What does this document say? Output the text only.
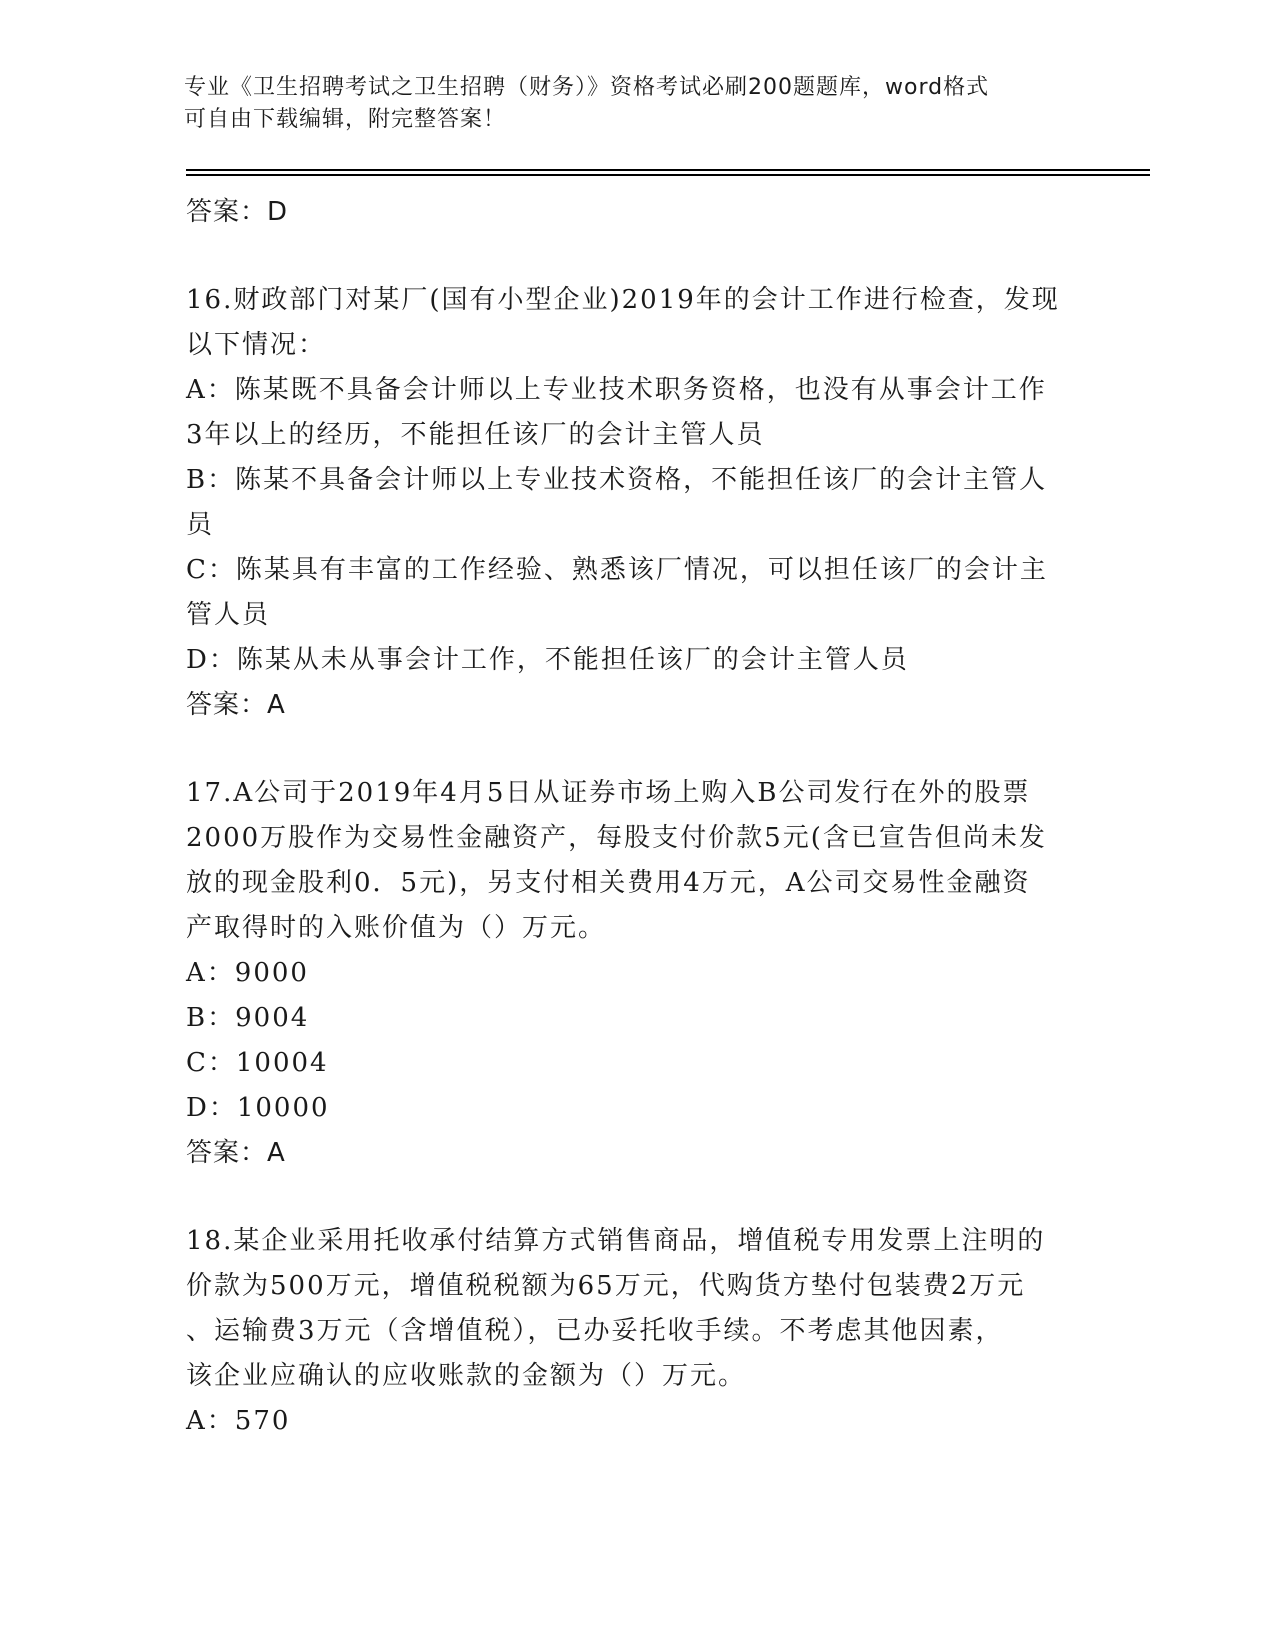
专业《卫生招聘考试之卫生招聘（财务）》资格考试必刷200题题库，word格式
可自由下载编辑，附完整答案！
答案：D
16.财政部门对某厂(国有小型企业)2019年的会计工作进行检查，发现
以下情况：
A：陈某既不具备会计师以上专业技术职务资格，也没有从事会计工作
3年以上的经历，不能担任该厂的会计主管人员
B：陈某不具备会计师以上专业技术资格，不能担任该厂的会计主管人
员
C：陈某具有丰富的工作经验、熟悉该厂情况，可以担任该厂的会计主
管人员
D：陈某从未从事会计工作，不能担任该厂的会计主管人员
答案：A
17.A公司于2019年4月5日从证券市场上购入B公司发行在外的股票
2000万股作为交易性金融资产，每股支付价款5元(含已宣告但尚未发
放的现金股利0．5元)，另支付相关费用4万元，A公司交易性金融资
产取得时的入账价值为（）万元。
A：9000
B：9004
C：10004
D：10000
答案：A
18.某企业采用托收承付结算方式销售商品，增值税专用发票上注明的
价款为500万元，增值税税额为65万元，代购货方垫付包装费2万元
、运输费3万元（含增值税），已办妥托收手续。不考虑其他因素，
该企业应确认的应收账款的金额为（）万元。
A：570
